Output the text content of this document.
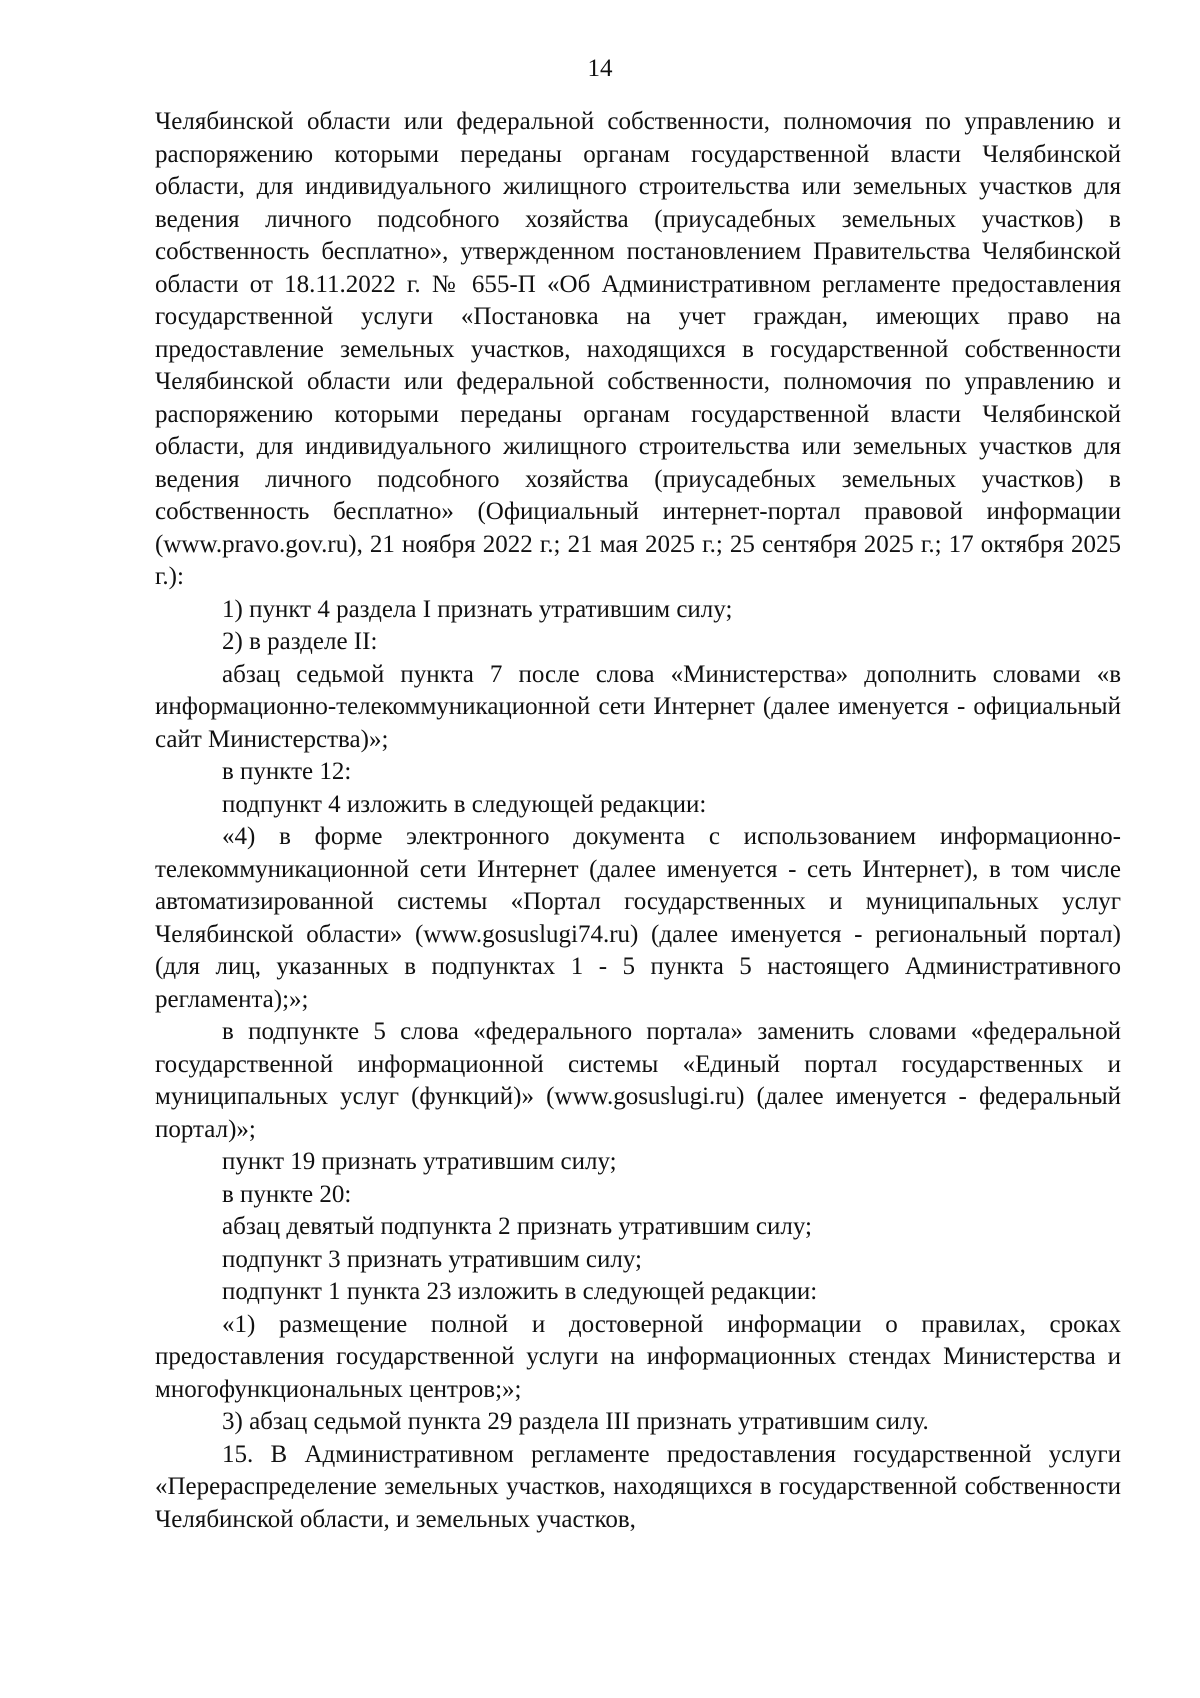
14

Челябинской области или федеральной собственности, полномочия по управлению и распоряжению которыми переданы органам государственной власти Челябинской области, для индивидуального жилищного строительства или земельных участков для ведения личного подсобного хозяйства (приусадебных земельных участков) в собственность бесплатно», утвержденном постановлением Правительства Челябинской области от 18.11.2022 г. № 655-П «Об Административном регламенте предоставления государственной услуги «Постановка на учет граждан, имеющих право на предоставление земельных участков, находящихся в государственной собственности Челябинской области или федеральной собственности, полномочия по управлению и распоряжению которыми переданы органам государственной власти Челябинской области, для индивидуального жилищного строительства или земельных участков для ведения личного подсобного хозяйства (приусадебных земельных участков) в собственность бесплатно» (Официальный интернет-портал правовой информации (www.pravo.gov.ru), 21 ноября 2022 г.; 21 мая 2025 г.; 25 сентября 2025 г.; 17 октября 2025 г.):

1) пункт 4 раздела I признать утратившим силу;

2) в разделе II:

абзац седьмой пункта 7 после слова «Министерства» дополнить словами «в информационно-телекоммуникационной сети Интернет (далее именуется - официальный сайт Министерства)»;

в пункте 12:

подпункт 4 изложить в следующей редакции:

«4) в форме электронного документа с использованием информационно-телекоммуникационной сети Интернет (далее именуется - сеть Интернет), в том числе автоматизированной системы «Портал государственных и муниципальных услуг Челябинской области» (www.gosuslugi74.ru) (далее именуется - региональный портал) (для лиц, указанных в подпунктах 1 - 5 пункта 5 настоящего Административного регламента);»;

в подпункте 5 слова «федерального портала» заменить словами «федеральной государственной информационной системы «Единый портал государственных и муниципальных услуг (функций)» (www.gosuslugi.ru) (далее именуется - федеральный портал)»;

пункт 19 признать утратившим силу;

в пункте 20:

абзац девятый подпункта 2 признать утратившим силу;

подпункт 3 признать утратившим силу;

подпункт 1 пункта 23 изложить в следующей редакции:

«1) размещение полной и достоверной информации о правилах, сроках предоставления государственной услуги на информационных стендах Министерства и многофункциональных центров;»;

3) абзац седьмой пункта 29 раздела III признать утратившим силу.

15. В Административном регламенте предоставления государственной услуги «Перераспределение земельных участков, находящихся в государственной собственности Челябинской области, и земельных участков,
